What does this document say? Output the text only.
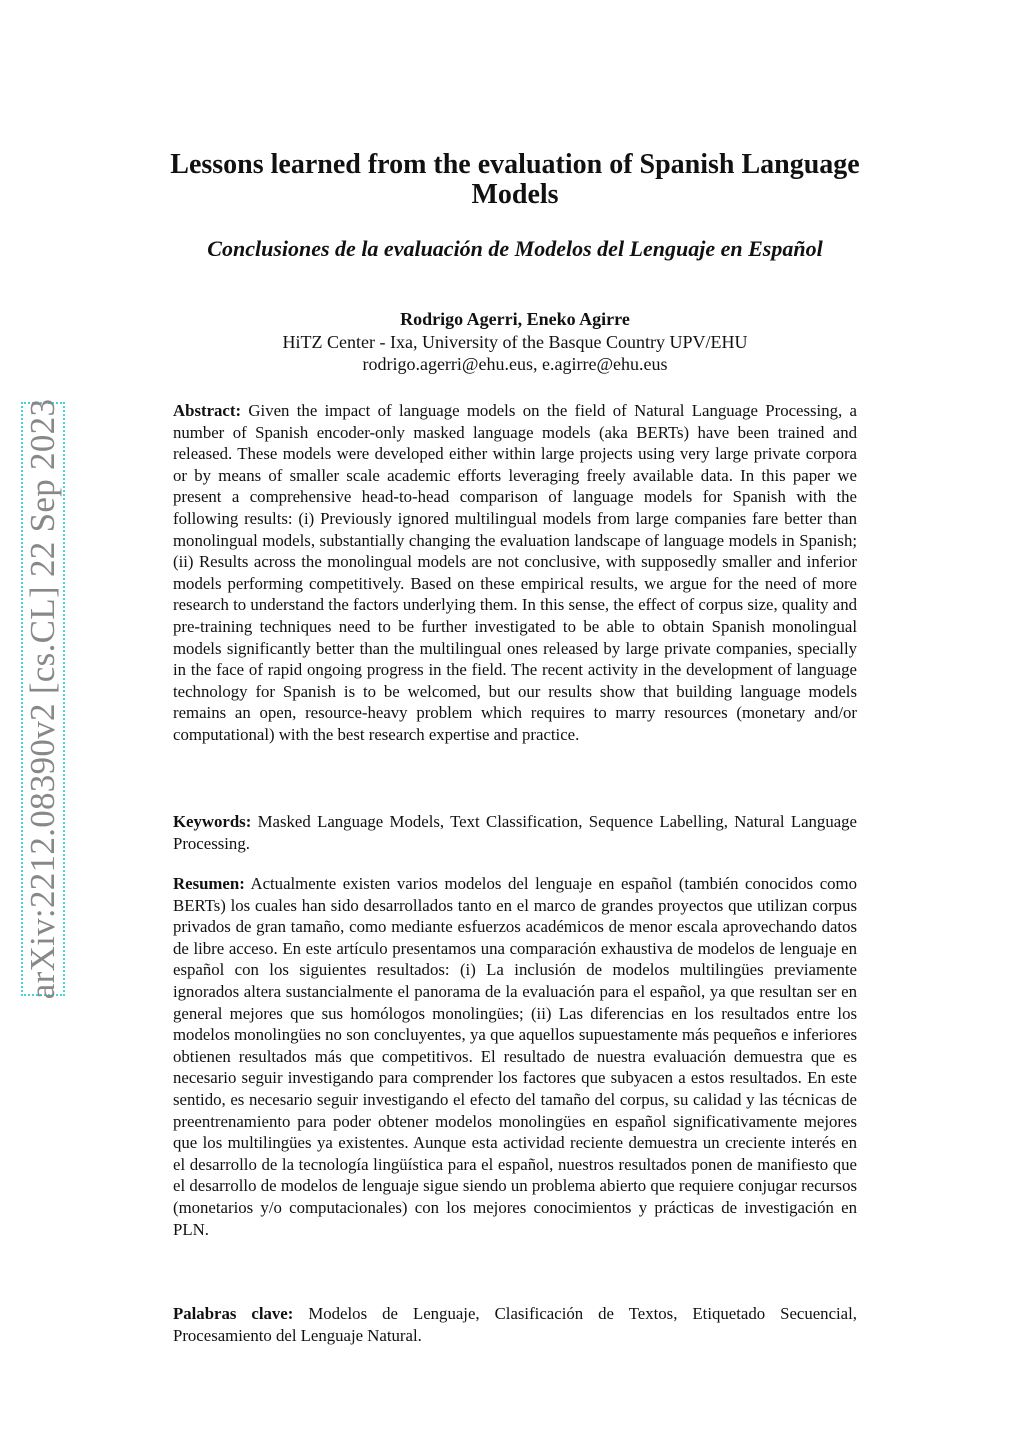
arXiv:2212.08390v2 [cs.CL] 22 Sep 2023
Lessons learned from the evaluation of Spanish Language Models
Conclusiones de la evaluación de Modelos del Lenguaje en Español
Rodrigo Agerri, Eneko Agirre
HiTZ Center - Ixa, University of the Basque Country UPV/EHU
rodrigo.agerri@ehu.eus, e.agirre@ehu.eus

Abstract: Given the impact of language models on the field of Natural Language Processing, a number of Spanish encoder-only masked language models (aka BERTs) have been trained and released. These models were developed either within large projects using very large private corpora or by means of smaller scale academic efforts leveraging freely available data. In this paper we present a comprehensive head-to-head comparison of language models for Spanish with the following results: (i) Previously ignored multilingual models from large companies fare better than monolingual models, substantially changing the evaluation landscape of language models in Spanish; (ii) Results across the monolingual models are not conclusive, with supposedly smaller and inferior models performing competitively. Based on these empirical results, we argue for the need of more research to understand the factors underlying them. In this sense, the effect of corpus size, quality and pre-training techniques need to be further investigated to be able to obtain Spanish monolingual models significantly better than the multilingual ones released by large private companies, specially in the face of rapid ongoing progress in the field. The recent activity in the development of language technology for Spanish is to be welcomed, but our results show that building language models remains an open, resource-heavy problem which requires to marry resources (monetary and/or computational) with the best research expertise and practice.

Keywords: Masked Language Models, Text Classification, Sequence Labelling, Natural Language Processing.

Resumen: Actualmente existen varios modelos del lenguaje en español (también conocidos como BERTs) los cuales han sido desarrollados tanto en el marco de grandes proyectos que utilizan corpus privados de gran tamaño, como mediante esfuerzos académicos de menor escala aprovechando datos de libre acceso. En este artículo presentamos una comparación exhaustiva de modelos de lenguaje en español con los siguientes resultados: (i) La inclusión de modelos multilingües previamente ignorados altera sustancialmente el panorama de la evaluación para el español, ya que resultan ser en general mejores que sus homólogos monolingües; (ii) Las diferencias en los resultados entre los modelos monolingües no son concluyentes, ya que aquellos supuestamente más pequeños e inferiores obtienen resultados más que competitivos. El resultado de nuestra evaluación demuestra que es necesario seguir investigando para comprender los factores que subyacen a estos resultados. En este sentido, es necesario seguir investigando el efecto del tamaño del corpus, su calidad y las técnicas de preentrenamiento para poder obtener modelos monolingües en español significativamente mejores que los multilingües ya existentes. Aunque esta actividad reciente demuestra un creciente interés en el desarrollo de la tecnología lingüística para el español, nuestros resultados ponen de manifiesto que el desarrollo de modelos de lenguaje sigue siendo un problema abierto que requiere conjugar recursos (monetarios y/o computacionales) con los mejores conocimientos y prácticas de investigación en PLN.

Palabras clave: Modelos de Lenguaje, Clasificación de Textos, Etiquetado Secuencial, Procesamiento del Lenguaje Natural.
